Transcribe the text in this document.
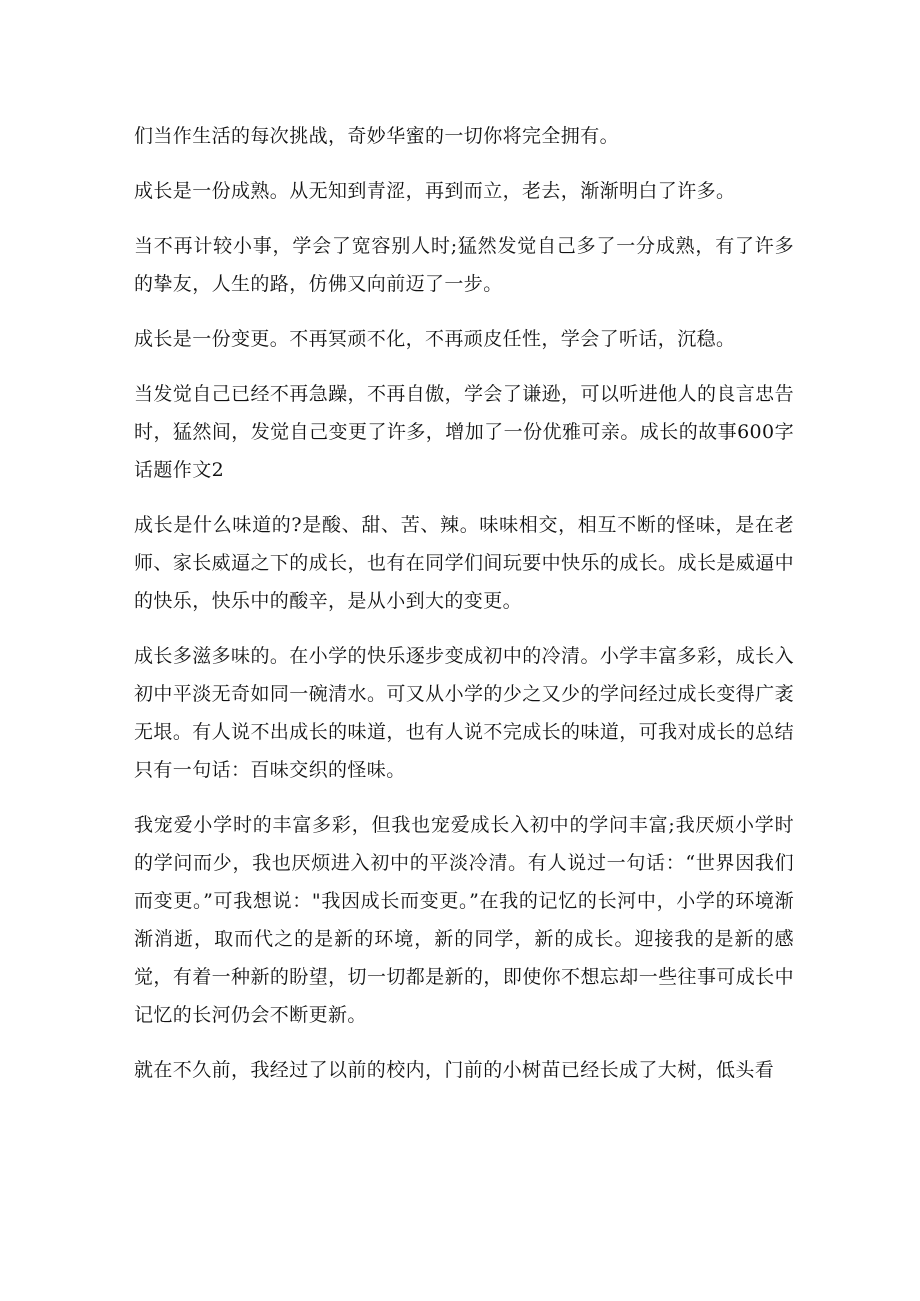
们当作生活的每次挑战，奇妙华蜜的一切你将完全拥有。

成长是一份成熟。从无知到青涩，再到而立，老去，渐渐明白了许多。

当不再计较小事，学会了宽容别人时;猛然发觉自己多了一分成熟，有了许多的挚友，人生的路，仿佛又向前迈了一步。

成长是一份变更。不再冥顽不化，不再顽皮任性，学会了听话，沉稳。

当发觉自己已经不再急躁，不再自傲，学会了谦逊，可以听进他人的良言忠告时，猛然间，发觉自己变更了许多，增加了一份优雅可亲。成长的故事600字话题作文2

成长是什么味道的?是酸、甜、苦、辣。味味相交，相互不断的怪味，是在老师、家长威逼之下的成长，也有在同学们间玩要中快乐的成长。成长是威逼中的快乐，快乐中的酸辛，是从小到大的变更。

成长多滋多味的。在小学的快乐逐步变成初中的冷清。小学丰富多彩，成长入初中平淡无奇如同一碗清水。可又从小学的少之又少的学问经过成长变得广袤无垠。有人说不出成长的味道，也有人说不完成长的味道，可我对成长的总结只有一句话：百味交织的怪味。

我宠爱小学时的丰富多彩，但我也宠爱成长入初中的学问丰富;我厌烦小学时的学问而少，我也厌烦进入初中的平淡冷清。有人说过一句话：“世界因我们而变更。”可我想说："我因成长而变更。”在我的记忆的长河中，小学的环境渐渐消逝，取而代之的是新的环境，新的同学，新的成长。迎接我的是新的感觉，有着一种新的盼望，切一切都是新的，即使你不想忘却一些往事可成长中记忆的长河仍会不断更新。

就在不久前，我经过了以前的校内，门前的小树苗已经长成了大树，低头看
